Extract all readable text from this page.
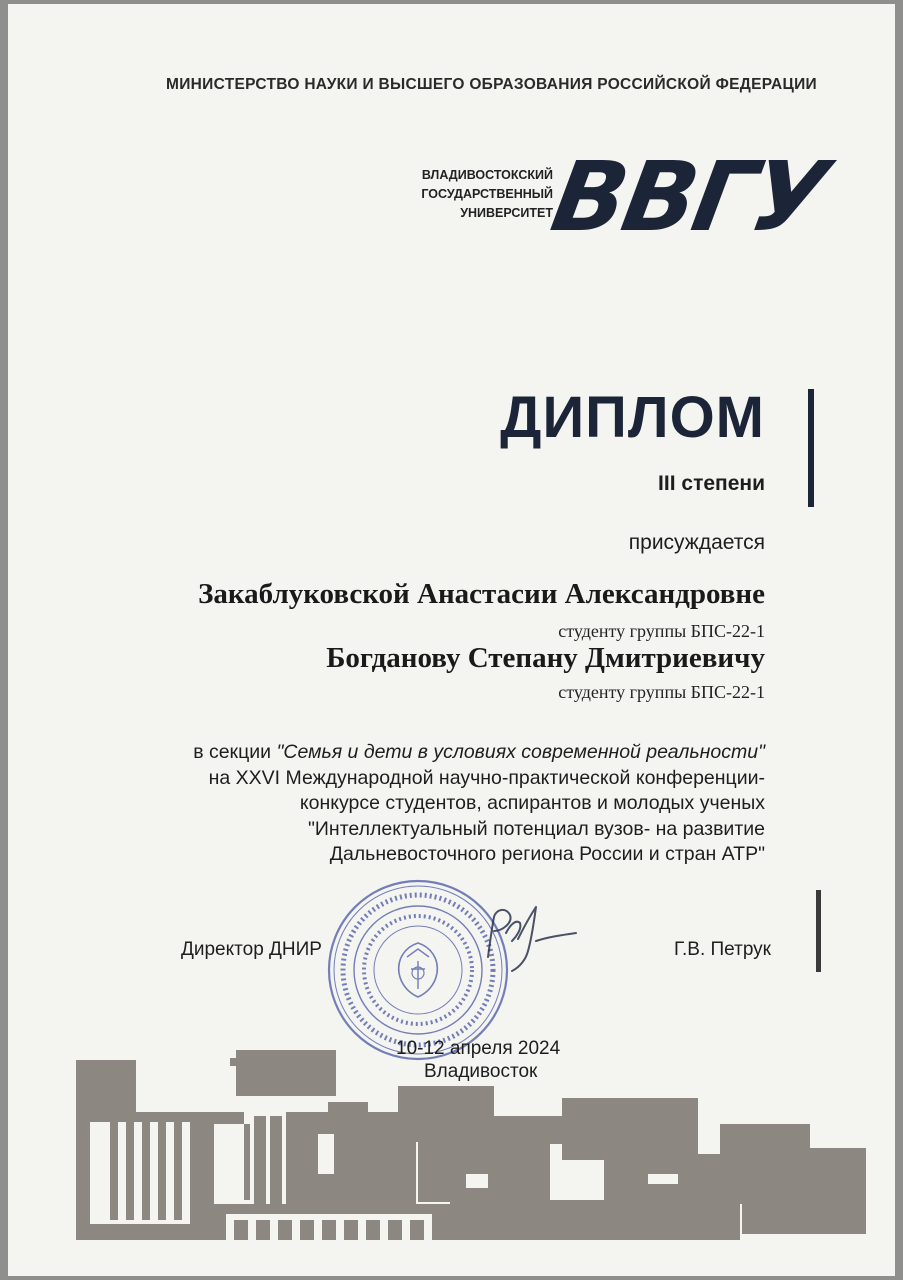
МИНИСТЕРСТВО НАУКИ И ВЫСШЕГО ОБРАЗОВАНИЯ РОССИЙСКОЙ ФЕДЕРАЦИИ
ВЛАДИВОСТОКСКИЙ
ГОСУДАРСТВЕННЫЙ
УНИВЕРСИТЕТ
ВВГУ
ДИПЛОМ
III степени
присуждается
Закаблуковской Анастасии Александровне
студенту группы БПС-22-1
Богданову Степану Дмитриевичу
студенту группы БПС-22-1
в секции "Семья и дети в условиях современной реальности"
на XXVI Международной научно-практической конференции-
конкурсе студентов, аспирантов и молодых ученых
"Интеллектуальный потенциал вузов- на развитие
Дальневосточного региона России и стран АТР"
Директор ДНИР	Г.В. Петрук
10-12 апреля 2024
Владивосток
